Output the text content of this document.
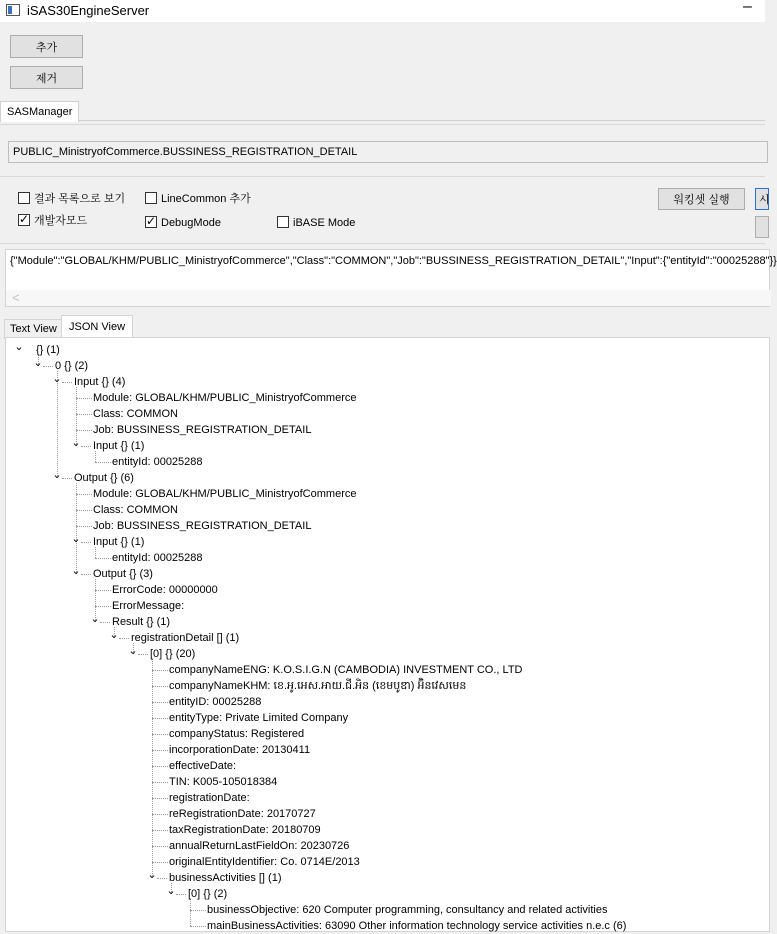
iSAS30EngineServer	–
추가
제거
SASManager
PUBLIC_MinistryofCommerce.BUSSINESS_REGISTRATION_DETAIL
결과 목록으로 보기	LineCommon 추가
✓개발자모드
✓	DebugMode	iBASE Mode
워킹셋 실행	시
{"Module":"GLOBAL/KHM/PUBLIC_MinistryofCommerce","Class":"COMMON","Job":"BUSSINESS_REGISTRATION_DETAIL","Input":{"entityId":"00025288"}}
<
Text View	JSON View
⌄ {} (1)
⌄ 0 {} (2)
⌄ Input {} (4)
Module: GLOBAL/KHM/PUBLIC_MinistryofCommerce
Class: COMMON
Job: BUSSINESS_REGISTRATION_DETAIL
⌄ Input {} (1)
entityId: 00025288
⌄ Output {} (6)
Module: GLOBAL/KHM/PUBLIC_MinistryofCommerce
Class: COMMON
Job: BUSSINESS_REGISTRATION_DETAIL
⌄ Input {} (1)
entityId: 00025288
⌄ Output {} (3)
ErrorCode: 00000000
ErrorMessage:
⌄ Result {} (1)
⌄ registrationDetail [] (1)
⌄ [0] {} (20)
companyNameENG: K.O.S.I.G.N (CAMBODIA) INVESTMENT CO., LTD
companyNameKHM: ខេ.អូ.អេស.អាយ.ជី.អិន (ខេមបូឌា) អ៊ិនវេសមេន
entityID: 00025288
entityType: Private Limited Company
companyStatus: Registered
incorporationDate: 20130411
effectiveDate:
TIN: K005-105018384
registrationDate:
reRegistrationDate: 20170727
taxRegistrationDate: 20180709
annualReturnLastFieldOn: 20230726
originalEntityIdentifier: Co. 0714E/2013
⌄ businessActivities [] (1)
⌄ [0] {} (2)
businessObjective: 620 Computer programming, consultancy and related activities
mainBusinessActivities: 63090 Other information technology service activities n.e.c (6)
